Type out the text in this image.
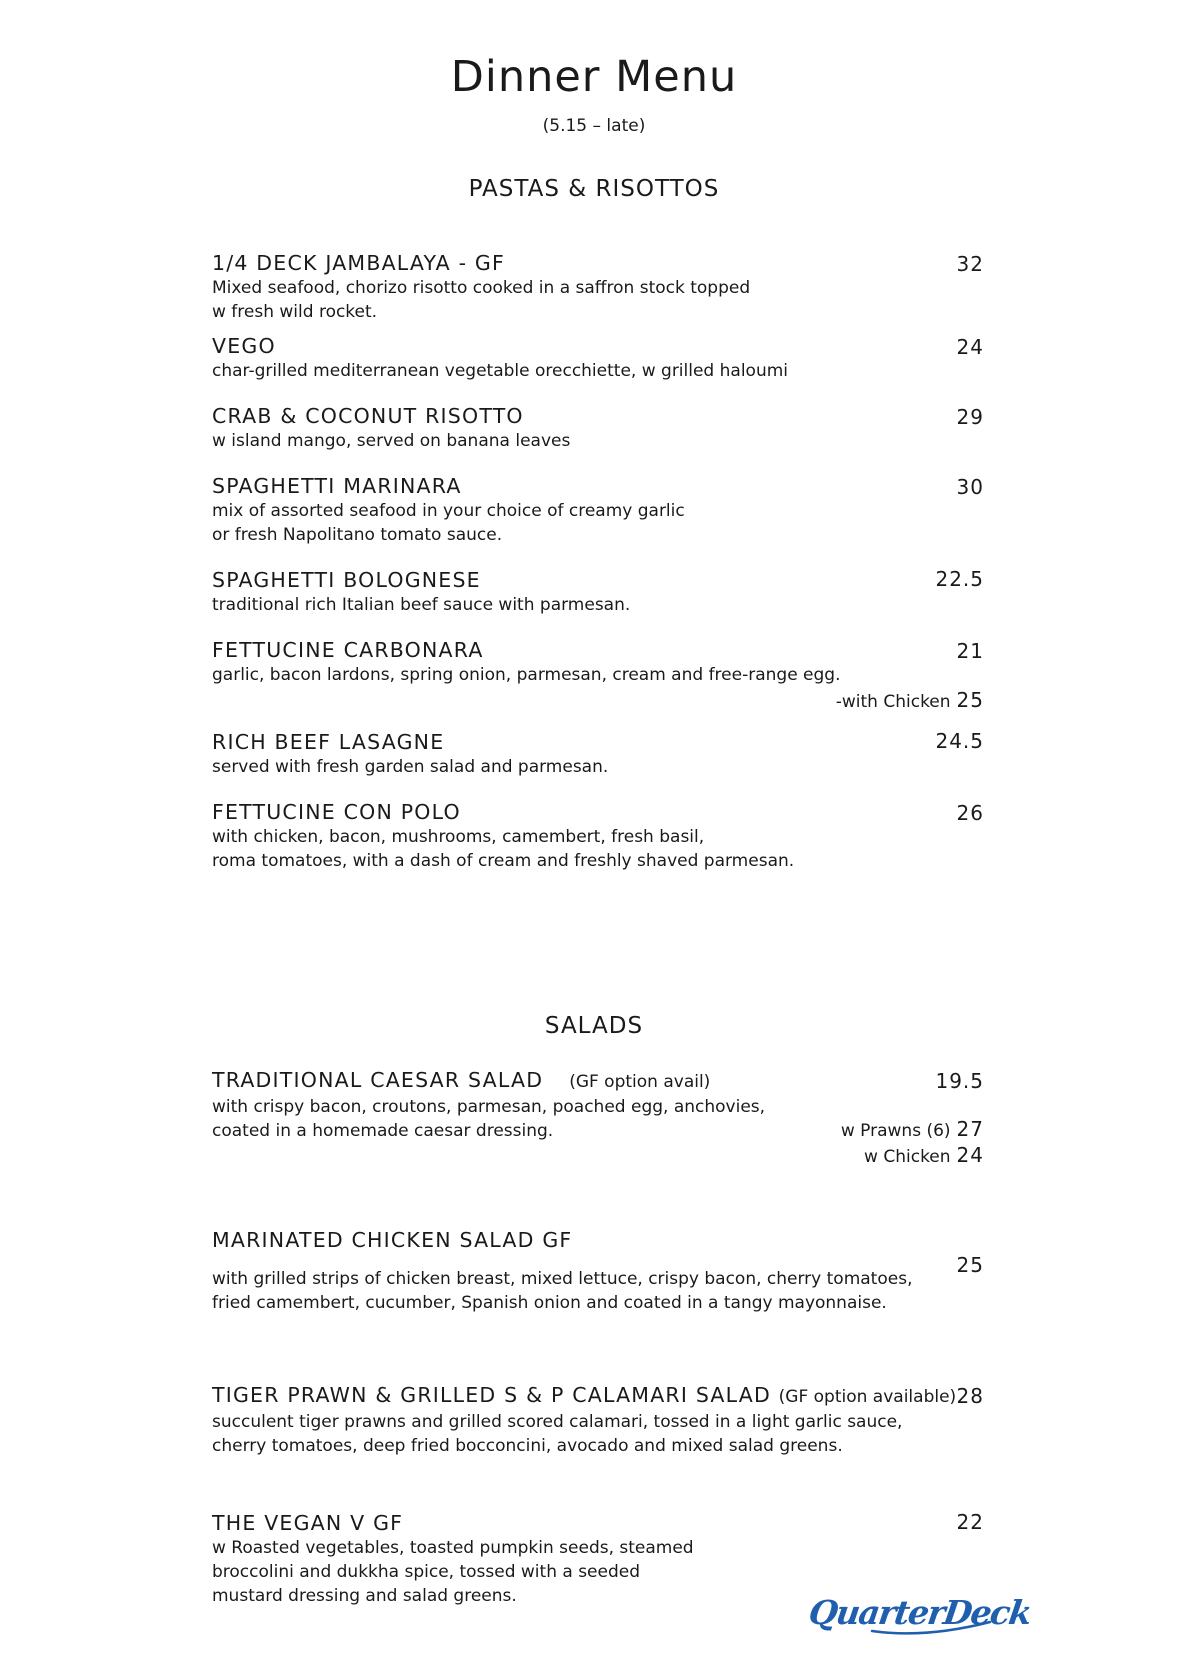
Dinner Menu
(5.15 – late)
PASTAS & RISOTTOS
1/4 DECK JAMBALAYA - GF
Mixed seafood, chorizo risotto cooked in a saffron stock topped
w fresh wild rocket.
32
VEGO
char-grilled mediterranean vegetable orecchiette, w grilled haloumi
24
CRAB & COCONUT RISOTTO
w island mango, served on banana leaves
29
SPAGHETTI MARINARA
mix of assorted seafood in your choice of creamy garlic
or fresh Napolitano tomato sauce.
30
SPAGHETTI BOLOGNESE
traditional rich Italian beef sauce with parmesan.
22.5
FETTUCINE CARBONARA
garlic, bacon lardons, spring onion, parmesan, cream and free-range egg.
21
-with Chicken 25
RICH BEEF LASAGNE
served with fresh garden salad and parmesan.
24.5
FETTUCINE CON POLO
with chicken, bacon, mushrooms, camembert, fresh basil,
roma tomatoes, with a dash of cream and freshly shaved parmesan.
26
SALADS
TRADITIONAL CAESAR SALAD (GF option avail)
with crispy bacon, croutons, parmesan, poached egg, anchovies,
coated in a homemade caesar dressing.
19.5
w Prawns (6) 27
w Chicken 24
MARINATED CHICKEN SALAD GF
with grilled strips of chicken breast, mixed lettuce, crispy bacon, cherry tomatoes,
fried camembert, cucumber, Spanish onion and coated in a tangy mayonnaise.
25
TIGER PRAWN & GRILLED S & P CALAMARI SALAD (GF option available)
succulent tiger prawns and grilled scored calamari, tossed in a light garlic sauce,
cherry tomatoes, deep fried bocconcini, avocado and mixed salad greens.
28
THE VEGAN V GF
w Roasted vegetables, toasted pumpkin seeds, steamed
broccolini and dukkha spice, tossed with a seeded
mustard dressing and salad greens.
22
QuarterDeck
